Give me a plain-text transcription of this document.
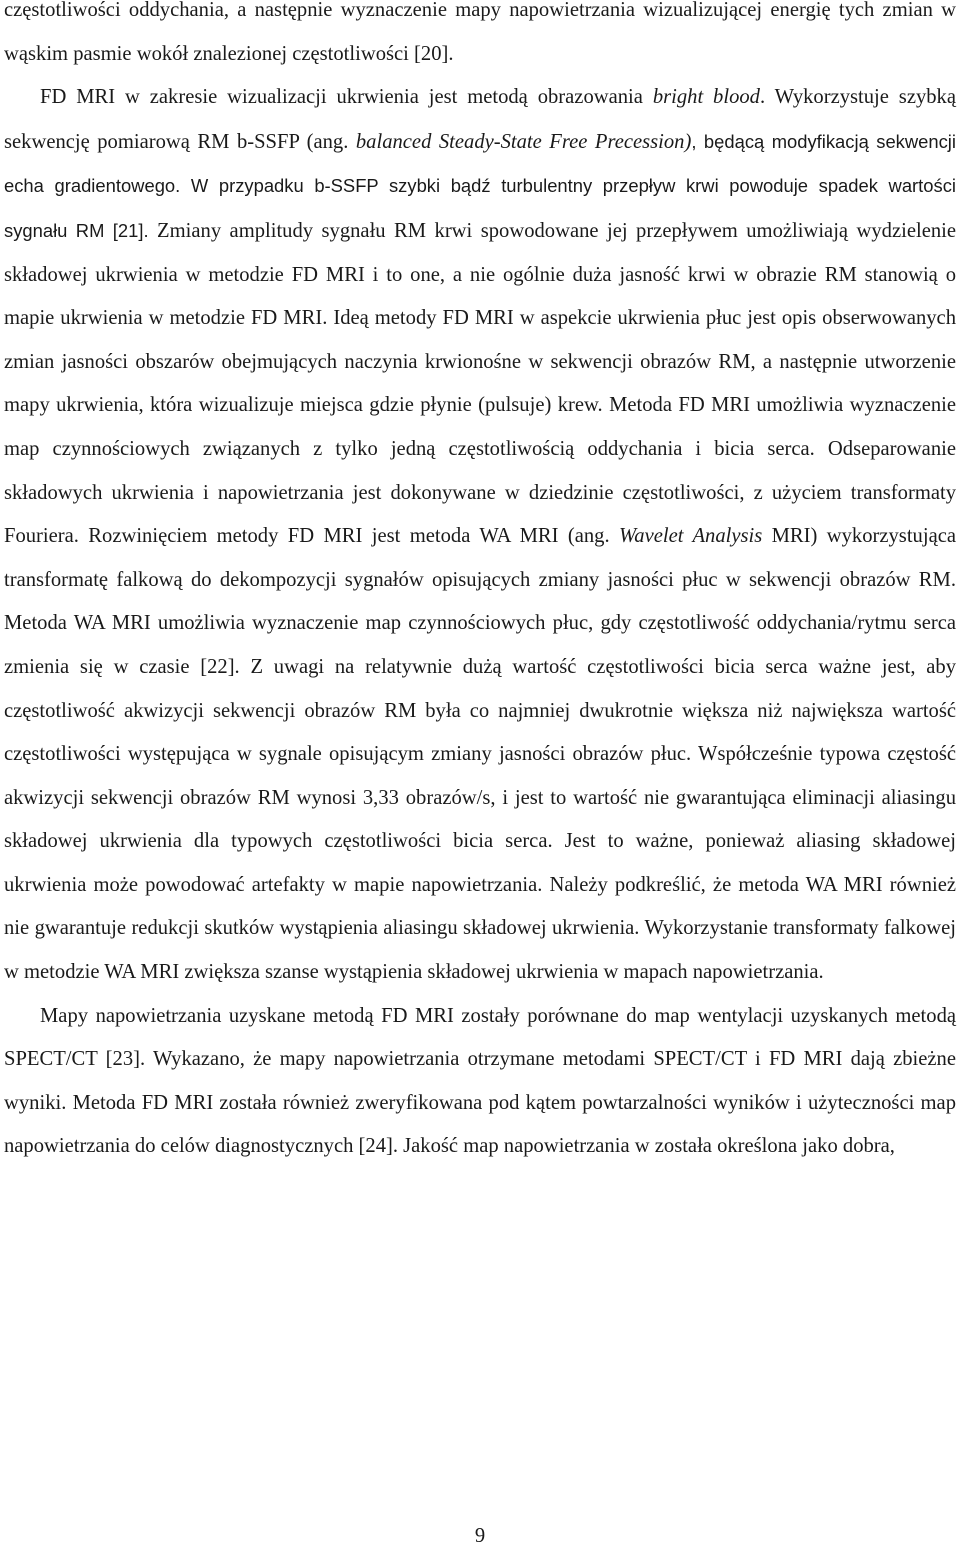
częstotliwości oddychania, a następnie wyznaczenie mapy napowietrzania wizualizującej energię tych zmian w wąskim pasmie wokół znalezionej częstotliwości [20].

FD MRI w zakresie wizualizacji ukrwienia jest metodą obrazowania bright blood. Wykorzystuje szybką sekwencję pomiarową RM b-SSFP (ang. balanced Steady-State Free Precession), będącą modyfikacją sekwencji echa gradientowego. W przypadku b-SSFP szybki bądź turbulentny przepływ krwi powoduje spadek wartości sygnału RM [21]. Zmiany amplitudy sygnału RM krwi spowodowane jej przepływem umożliwiają wydzielenie składowej ukrwienia w metodzie FD MRI i to one, a nie ogólnie duża jasność krwi w obrazie RM stanowią o mapie ukrwienia w metodzie FD MRI. Ideą metody FD MRI w aspekcie ukrwienia płuc jest opis obserwowanych zmian jasności obszarów obejmujących naczynia krwionośne w sekwencji obrazów RM, a następnie utworzenie mapy ukrwienia, która wizualizuje miejsca gdzie płynie (pulsuje) krew. Metoda FD MRI umożliwia wyznaczenie map czynnościowych związanych z tylko jedną częstotliwością oddychania i bicia serca. Odseparowanie składowych ukrwienia i napowietrzania jest dokonywane w dziedzinie częstotliwości, z użyciem transformaty Fouriera. Rozwinięciem metody FD MRI jest metoda WA MRI (ang. Wavelet Analysis MRI) wykorzystująca transformatę falkową do dekompozycji sygnałów opisujących zmiany jasności płuc w sekwencji obrazów RM. Metoda WA MRI umożliwia wyznaczenie map czynnościowych płuc, gdy częstotliwość oddychania/rytmu serca zmienia się w czasie [22]. Z uwagi na relatywnie dużą wartość częstotliwości bicia serca ważne jest, aby częstotliwość akwizycji sekwencji obrazów RM była co najmniej dwukrotnie większa niż największa wartość częstotliwości występująca w sygnale opisującym zmiany jasności obrazów płuc. Współcześnie typowa częstość akwizycji sekwencji obrazów RM wynosi 3,33 obrazów/s, i jest to wartość nie gwarantująca eliminacji aliasingu składowej ukrwienia dla typowych częstotliwości bicia serca. Jest to ważne, ponieważ aliasing składowej ukrwienia może powodować artefakty w mapie napowietrzania. Należy podkreślić, że metoda WA MRI również nie gwarantuje redukcji skutków wystąpienia aliasingu składowej ukrwienia. Wykorzystanie transformaty falkowej w metodzie WA MRI zwiększa szanse wystąpienia składowej ukrwienia w mapach napowietrzania.

Mapy napowietrzania uzyskane metodą FD MRI zostały porównane do map wentylacji uzyskanych metodą SPECT/CT [23]. Wykazano, że mapy napowietrzania otrzymane metodami SPECT/CT i FD MRI dają zbieżne wyniki. Metoda FD MRI została również zweryfikowana pod kątem powtarzalności wyników i użyteczności map napowietrzania do celów diagnostycznych [24]. Jakość map napowietrzania w została określona jako dobra,

9
